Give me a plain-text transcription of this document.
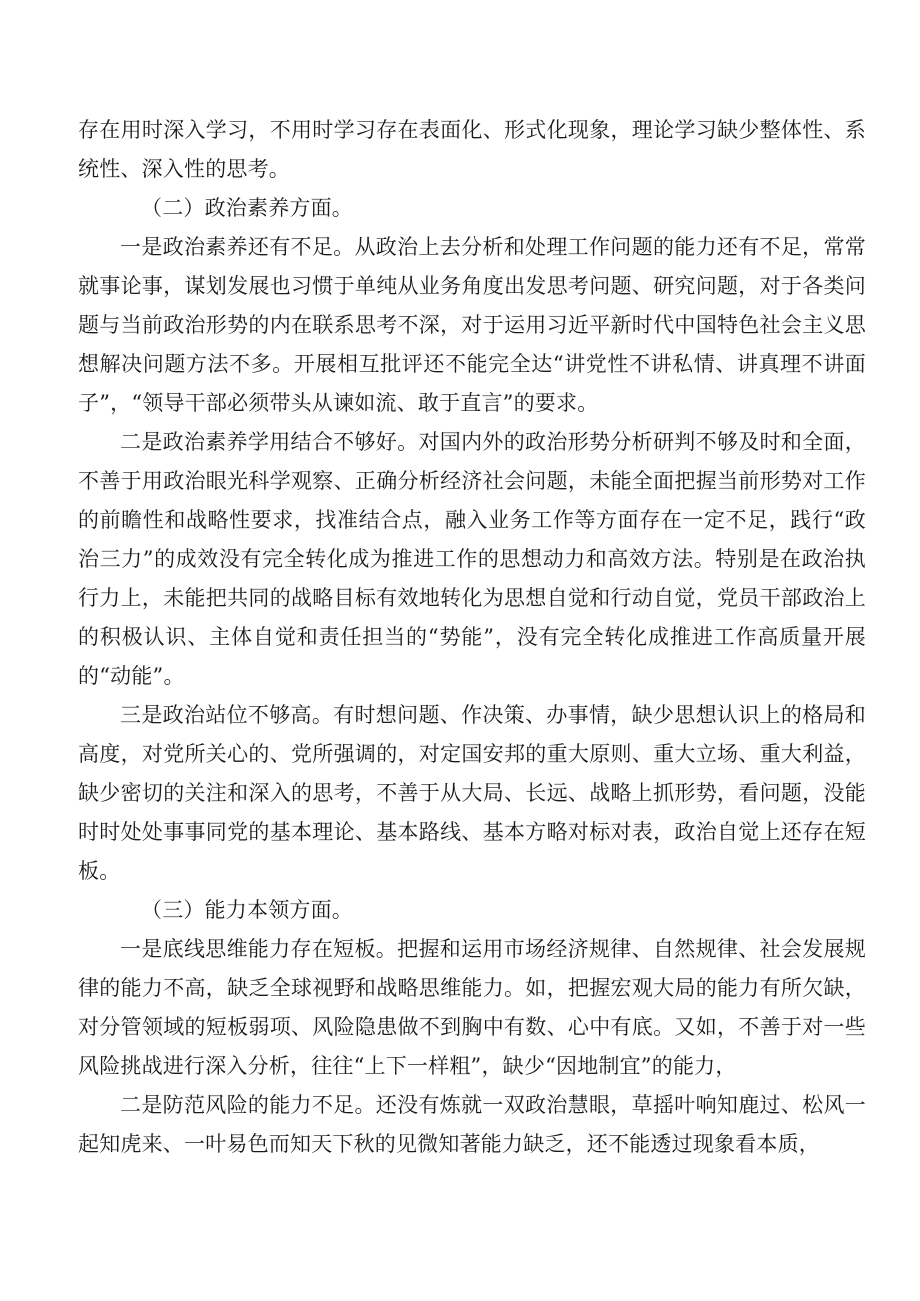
存在用时深入学习，不用时学习存在表面化、形式化现象，理论学习缺少整体性、系统性、深入性的思考。

（二）政治素养方面。

一是政治素养还有不足。从政治上去分析和处理工作问题的能力还有不足，常常就事论事，谋划发展也习惯于单纯从业务角度出发思考问题、研究问题，对于各类问题与当前政治形势的内在联系思考不深，对于运用习近平新时代中国特色社会主义思想解决问题方法不多。开展相互批评还不能完全达“讲党性不讲私情、讲真理不讲面子”，“领导干部必须带头从谏如流、敢于直言”的要求。

二是政治素养学用结合不够好。对国内外的政治形势分析研判不够及时和全面，不善于用政治眼光科学观察、正确分析经济社会问题，未能全面把握当前形势对工作的前瞻性和战略性要求，找准结合点，融入业务工作等方面存在一定不足，践行“政治三力”的成效没有完全转化成为推进工作的思想动力和高效方法。特别是在政治执行力上，未能把共同的战略目标有效地转化为思想自觉和行动自觉，党员干部政治上的积极认识、主体自觉和责任担当的“势能”，没有完全转化成推进工作高质量开展的“动能”。

三是政治站位不够高。有时想问题、作决策、办事情，缺少思想认识上的格局和高度，对党所关心的、党所强调的，对定国安邦的重大原则、重大立场、重大利益，缺少密切的关注和深入的思考，不善于从大局、长远、战略上抓形势，看问题，没能时时处处事事同党的基本理论、基本路线、基本方略对标对表，政治自觉上还存在短板。

（三）能力本领方面。

一是底线思维能力存在短板。把握和运用市场经济规律、自然规律、社会发展规律的能力不高，缺乏全球视野和战略思维能力。如，把握宏观大局的能力有所欠缺，对分管领域的短板弱项、风险隐患做不到胸中有数、心中有底。又如，不善于对一些风险挑战进行深入分析，往往“上下一样粗”，缺少“因地制宜”的能力，

二是防范风险的能力不足。还没有炼就一双政治慧眼，草摇叶响知鹿过、松风一起知虎来、一叶易色而知天下秋的见微知著能力缺乏，还不能透过现象看本质，
